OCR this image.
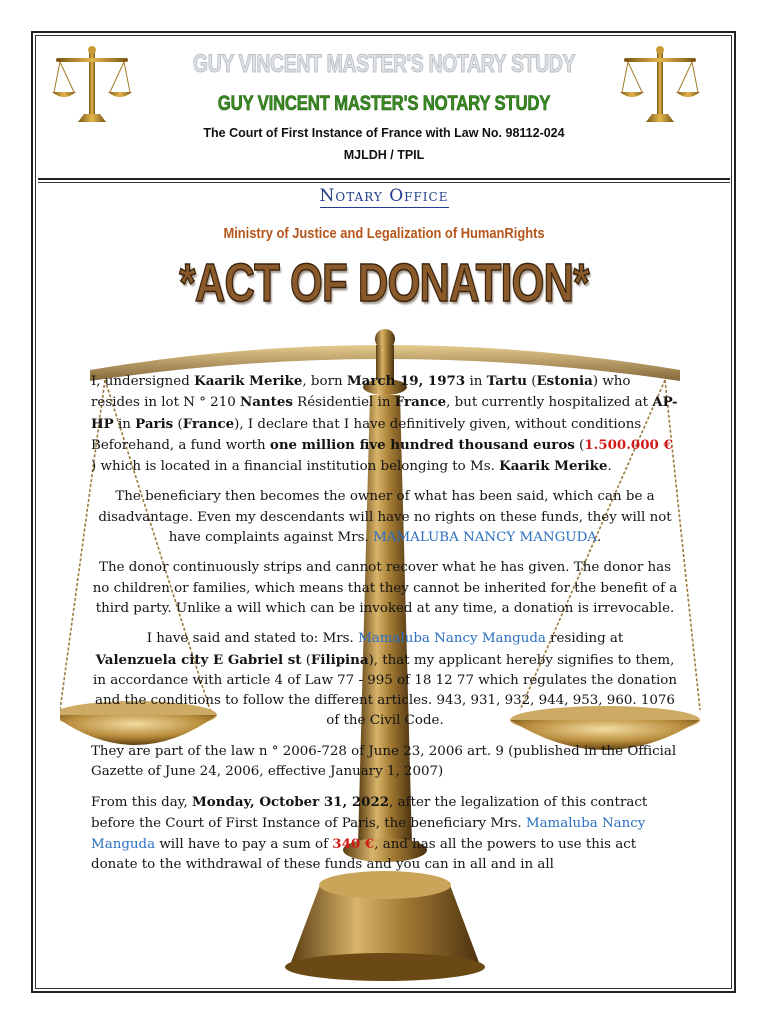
GUY VINCENT MASTER'S NOTARY STUDY
GUY VINCENT MASTER'S NOTARY STUDY
The Court of First Instance of France with Law No. 98112-024
MJLDH / TPIL
Notary Office
Ministry of Justice and Legalization of HumanRights
*ACT OF DONATION*

I, undersigned Kaarik Merike, born March 19, 1973 in Tartu (Estonia) who resides in lot N ° 210 Nantes Résidentiel in France, but currently hospitalized at AP-HP in Paris (France), I declare that I have definitively given, without conditions Beforehand, a fund worth one million five hundred thousand euros (1.500.000 € ) which is located in a financial institution belonging to Ms. Kaarik Merike.

The beneficiary then becomes the owner of what has been said, which can be a disadvantage. Even my descendants will have no rights on these funds, they will not have complaints against Mrs. MAMALUBA NANCY MANGUDA.

The donor continuously strips and cannot recover what he has given. The donor has no children or families, which means that they cannot be inherited for the benefit of a third party. Unlike a will which can be invoked at any time, a donation is irrevocable.

I have said and stated to: Mrs. Mamaluba Nancy Manguda residing at
Valenzuela city E Gabriel st (Filipina), that my applicant hereby signifies to them, in accordance with article 4 of Law 77 - 995 of 18 12 77 which regulates the donation and the conditions to follow the different articles. 943, 931, 932, 944, 953, 960. 1076 of the Civil Code.

They are part of the law n ° 2006-728 of June 23, 2006 art. 9 (published in the Official Gazette of June 24, 2006, effective January 1, 2007)

From this day, Monday, October 31, 2022, after the legalization of this contract before the Court of First Instance of Paris, the beneficiary Mrs. Mamaluba Nancy Manguda will have to pay a sum of 340 €, and has all the powers to use this act donate to the withdrawal of these funds and you can in all and in all
